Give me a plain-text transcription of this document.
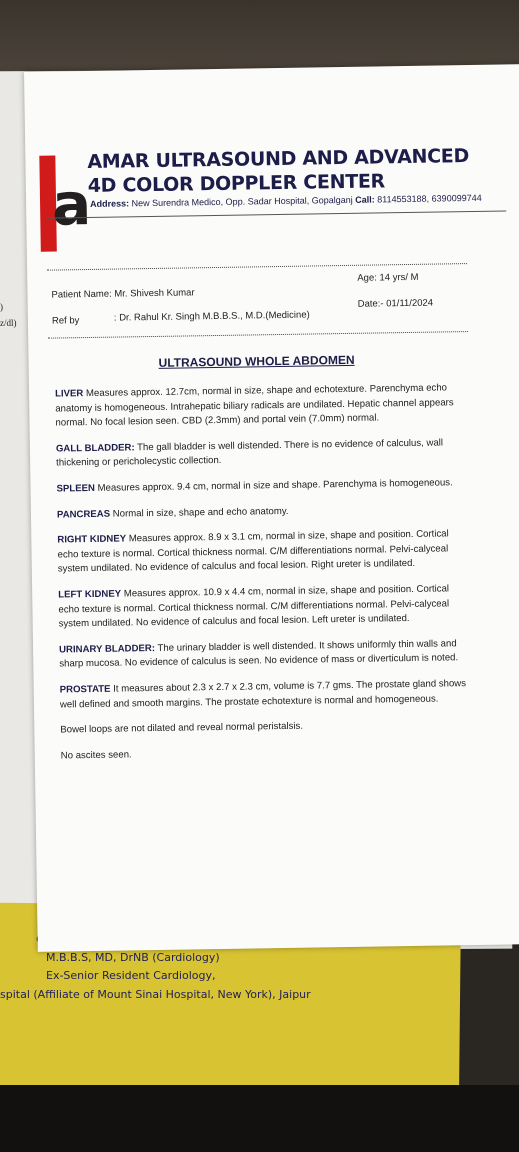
)
z/dl)
M.B.B.S, MD, DrNB (Cardiology)
Ex-Senior Resident Cardiology,
spital (Affiliate of Mount Sinai Hospital, New York), Jaipur
a
AMAR ULTRASOUND AND ADVANCED
4D COLOR DOPPLER CENTER
Address: New Surendra Medico, Opp. Sadar Hospital, Gopalganj Call: 8114553188, 6390099744
Patient Name: Mr. Shivesh Kumar
Age: 14 yrs/ M
Ref by	: Dr. Rahul Kr. Singh M.B.B.S., M.D.(Medicine)
Date:- 01/11/2024
ULTRASOUND WHOLE ABDOMEN

LIVER Measures approx. 12.7cm, normal in size, shape and echotexture. Parenchyma echo anatomy is homogeneous. Intrahepatic biliary radicals are undilated. Hepatic channel appears normal. No focal lesion seen. CBD (2.3mm) and portal vein (7.0mm) normal.

GALL BLADDER: The gall bladder is well distended. There is no evidence of calculus, wall thickening or pericholecystic collection.

SPLEEN Measures approx. 9.4 cm, normal in size and shape. Parenchyma is homogeneous.

PANCREAS Normal in size, shape and echo anatomy.

RIGHT KIDNEY Measures approx. 8.9 x 3.1 cm, normal in size, shape and position. Cortical echo texture is normal. Cortical thickness normal. C/M differentiations normal. Pelvi-calyceal system undilated. No evidence of calculus and focal lesion. Right ureter is undilated.

LEFT KIDNEY Measures approx. 10.9 x 4.4 cm, normal in size, shape and position. Cortical echo texture is normal. Cortical thickness normal. C/M differentiations normal. Pelvi-calyceal system undilated. No evidence of calculus and focal lesion. Left ureter is undilated.

URINARY BLADDER: The urinary bladder is well distended. It shows uniformly thin walls and sharp mucosa. No evidence of calculus is seen. No evidence of mass or diverticulum is noted.

PROSTATE It measures about 2.3 x 2.7 x 2.3 cm, volume is 7.7 gms. The prostate gland shows well defined and smooth margins. The prostate echotexture is normal and homogeneous.

Bowel loops are not dilated and reveal normal peristalsis.

No ascites seen.
